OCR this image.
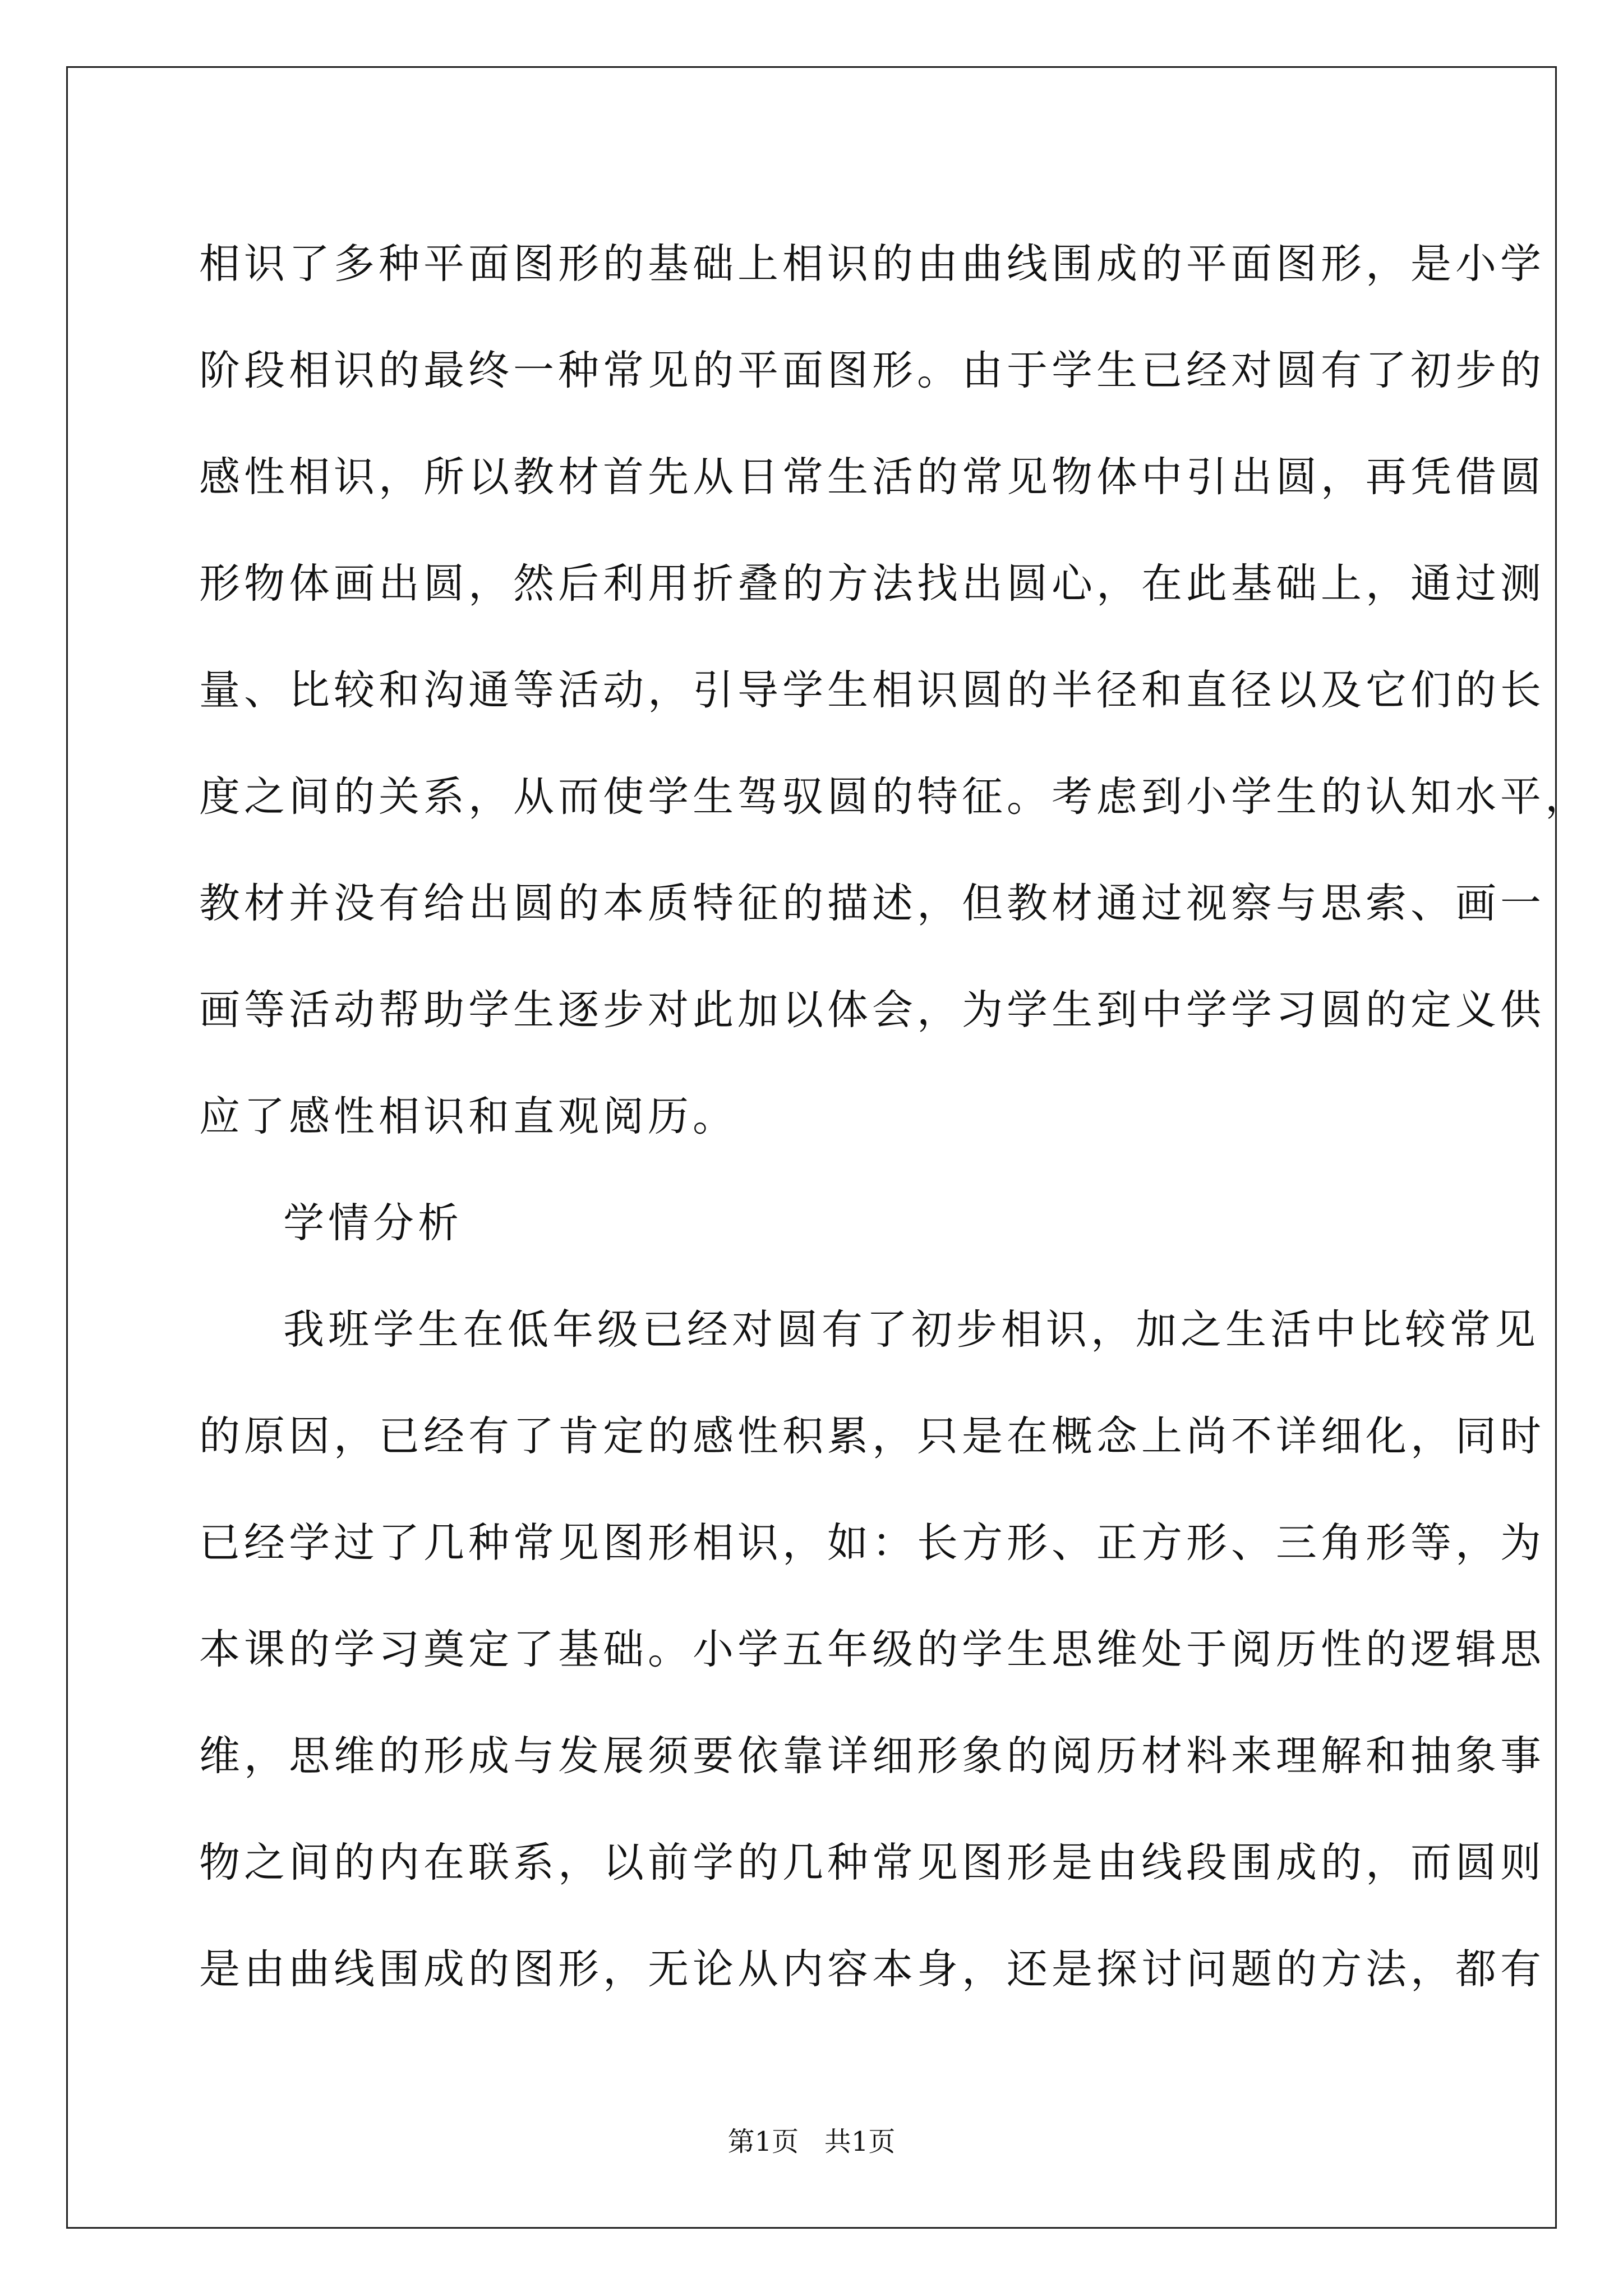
相识了多种平面图形的基础上相识的由曲线围成的平面图形，是小学
阶段相识的最终一种常见的平面图形。由于学生已经对圆有了初步的
感性相识，所以教材首先从日常生活的常见物体中引出圆，再凭借圆
形物体画出圆，然后利用折叠的方法找出圆心，在此基础上，通过测
量、比较和沟通等活动，引导学生相识圆的半径和直径以及它们的长
度之间的关系，从而使学生驾驭圆的特征。考虑到小学生的认知水平，
教材并没有给出圆的本质特征的描述，但教材通过视察与思索、画一
画等活动帮助学生逐步对此加以体会，为学生到中学学习圆的定义供
应了感性相识和直观阅历。
学情分析
我班学生在低年级已经对圆有了初步相识，加之生活中比较常见
的原因，已经有了肯定的感性积累，只是在概念上尚不详细化，同时
已经学过了几种常见图形相识，如：长方形、正方形、三角形等，为
本课的学习奠定了基础。小学五年级的学生思维处于阅历性的逻辑思
维，思维的形成与发展须要依靠详细形象的阅历材料来理解和抽象事
物之间的内在联系，以前学的几种常见图形是由线段围成的，而圆则
是由曲线围成的图形，无论从内容本身，还是探讨问题的方法，都有
第1页   共1页
